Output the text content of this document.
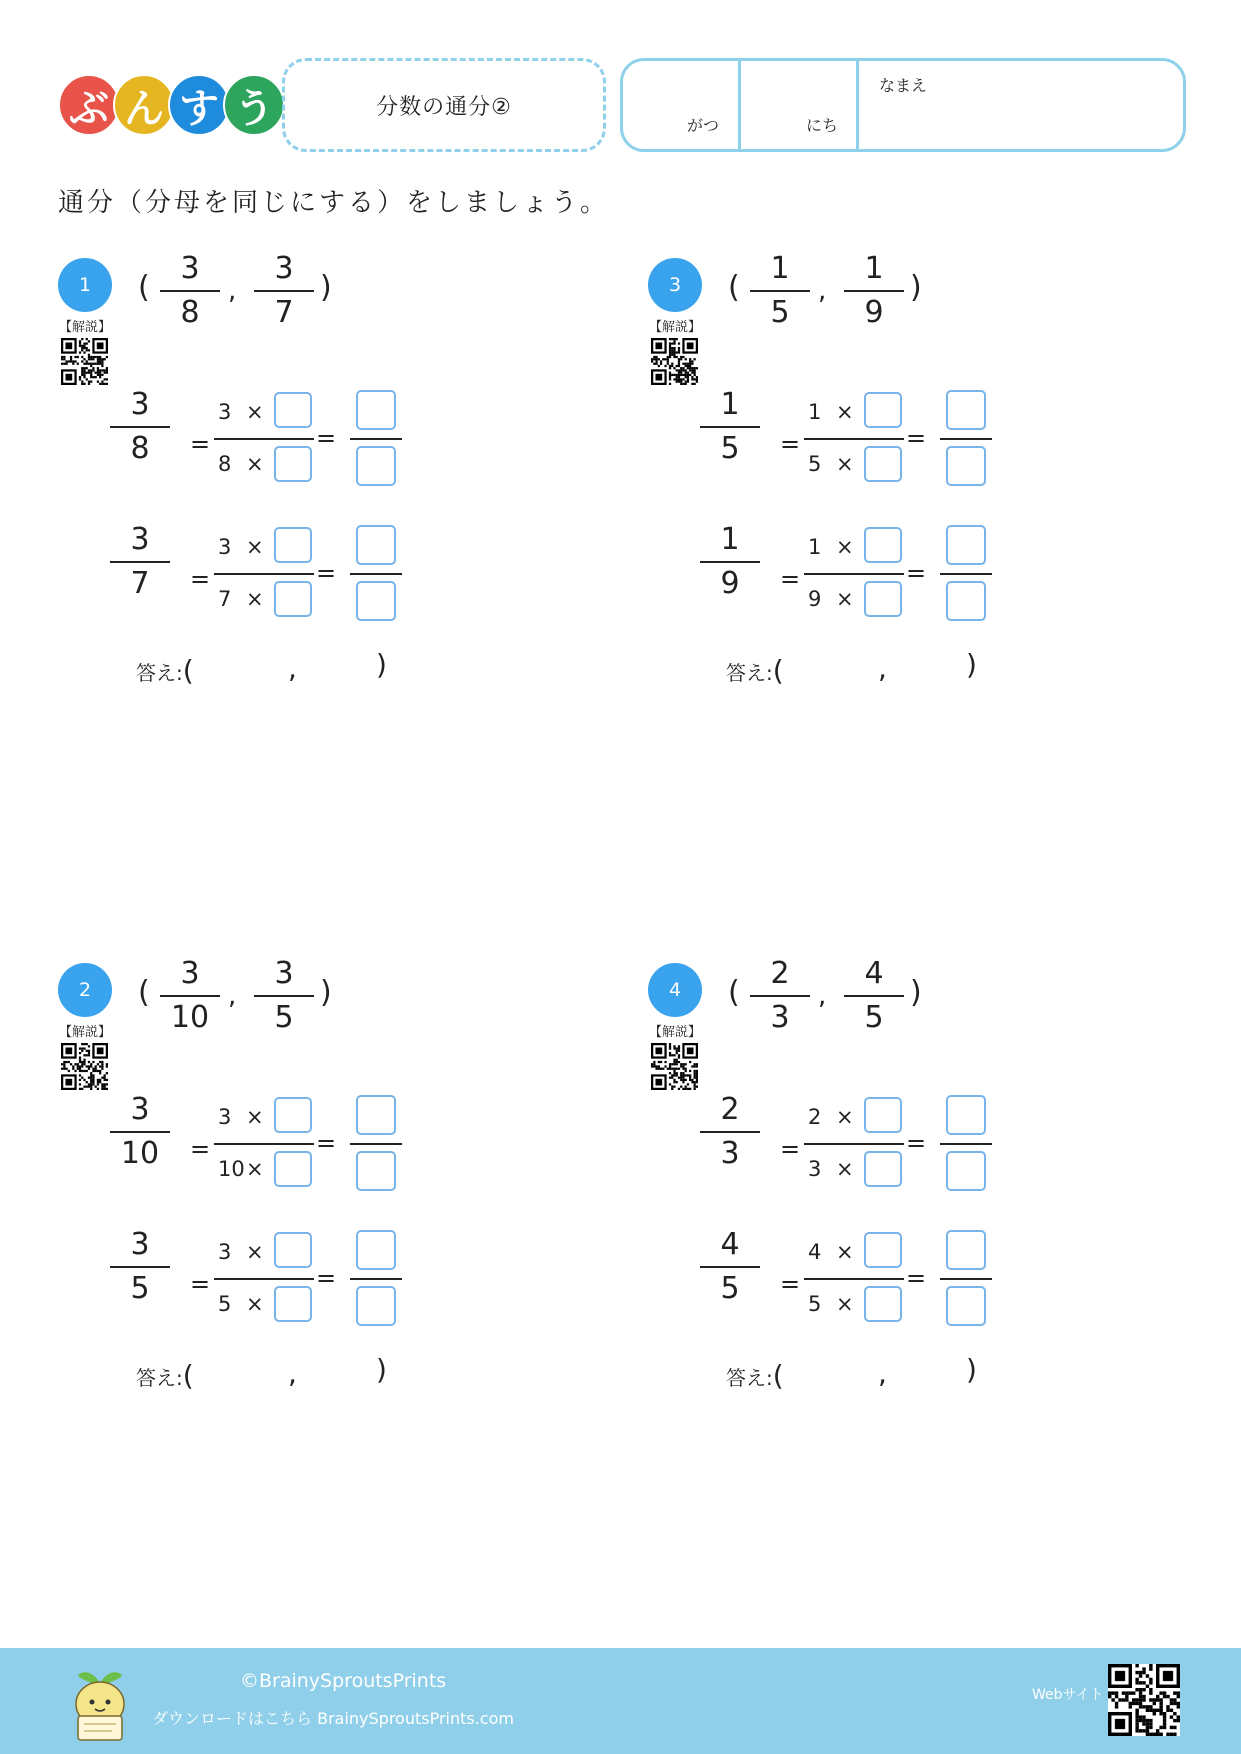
ぶ ん す う	分数の通分②
がつ	にち
なまえ
通分（分母を同じにする）をしましょう。
1
【解説】
(
3
8
,
3
7
)
3
8	=
3 ×
8 ×
=
3
7	=
3 ×
7 ×
=
答え:(	,	)
2
【解説】
(
3
10
,
3
5
)
3
10	=
3 ×
10 ×
=
3
5	=
3 ×
5 ×
=
答え:(	,	)
3
【解説】
(
1
5
,
1
9
)
1
5	=
1 ×
5 ×
=
1
9	=
1 ×
9 ×
=
答え:(	,	)
4
【解説】
(
2
3
,
4
5
)
2
3	=
2 ×
3 ×
=
4
5	=
4 ×
5 ×
=
答え:(	,	)
©BrainySproutsPrints
ダウンロードはこちら BrainySproutsPrints.com
Webサイト
